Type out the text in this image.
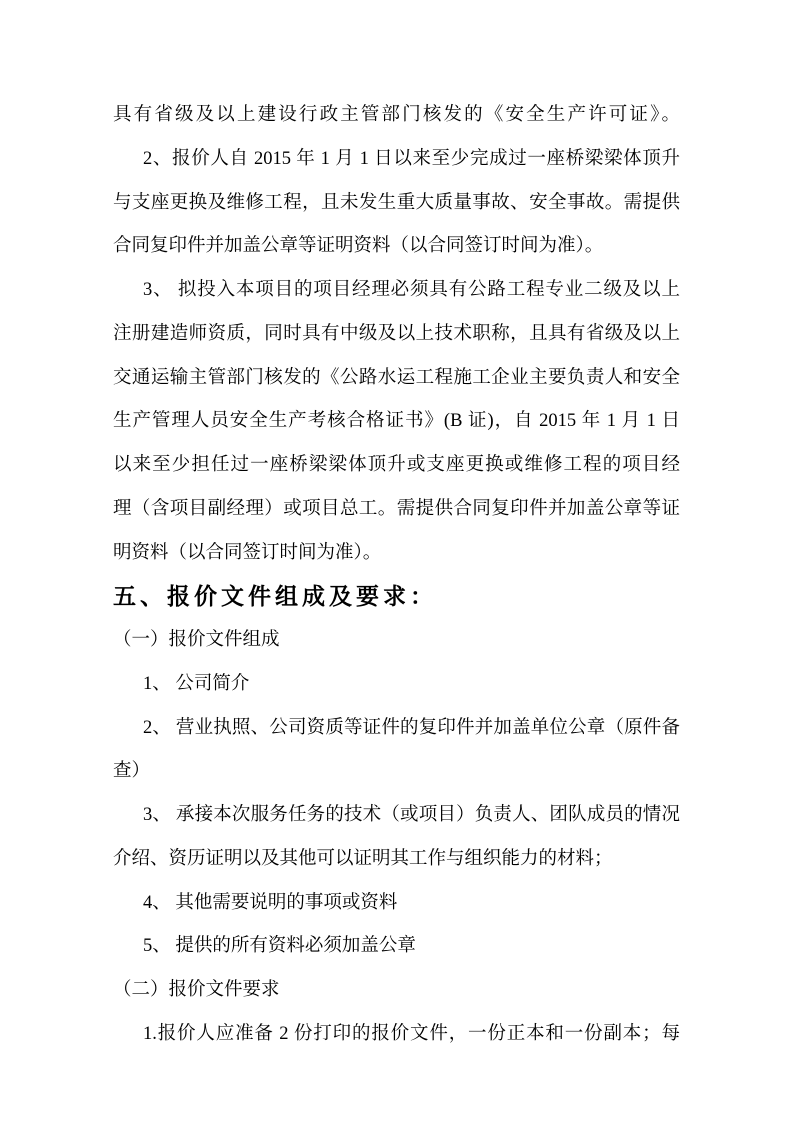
具有省级及以上建设行政主管部门核发的《安全生产许可证》。
2、报价人自 2015 年 1 月 1 日以来至少完成过一座桥梁梁体顶升
与支座更换及维修工程，且未发生重大质量事故、安全事故。需提供
合同复印件并加盖公章等证明资料（以合同签订时间为准）。
3、 拟投入本项目的项目经理必须具有公路工程专业二级及以上
注册建造师资质，同时具有中级及以上技术职称，且具有省级及以上
交通运输主管部门核发的《公路水运工程施工企业主要负责人和安全
生产管理人员安全生产考核合格证书》(B 证)，自 2015 年 1 月 1 日
以来至少担任过一座桥梁梁体顶升或支座更换或维修工程的项目经
理（含项目副经理）或项目总工。需提供合同复印件并加盖公章等证
明资料（以合同签订时间为准）。
五、报价文件组成及要求：
（一）报价文件组成
1、 公司简介
2、 营业执照、公司资质等证件的复印件并加盖单位公章（原件备
查）
3、 承接本次服务任务的技术（或项目）负责人、团队成员的情况
介绍、资历证明以及其他可以证明其工作与组织能力的材料；
4、 其他需要说明的事项或资料
5、 提供的所有资料必须加盖公章
（二）报价文件要求
1.报价人应准备 2 份打印的报价文件，一份正本和一份副本；每
